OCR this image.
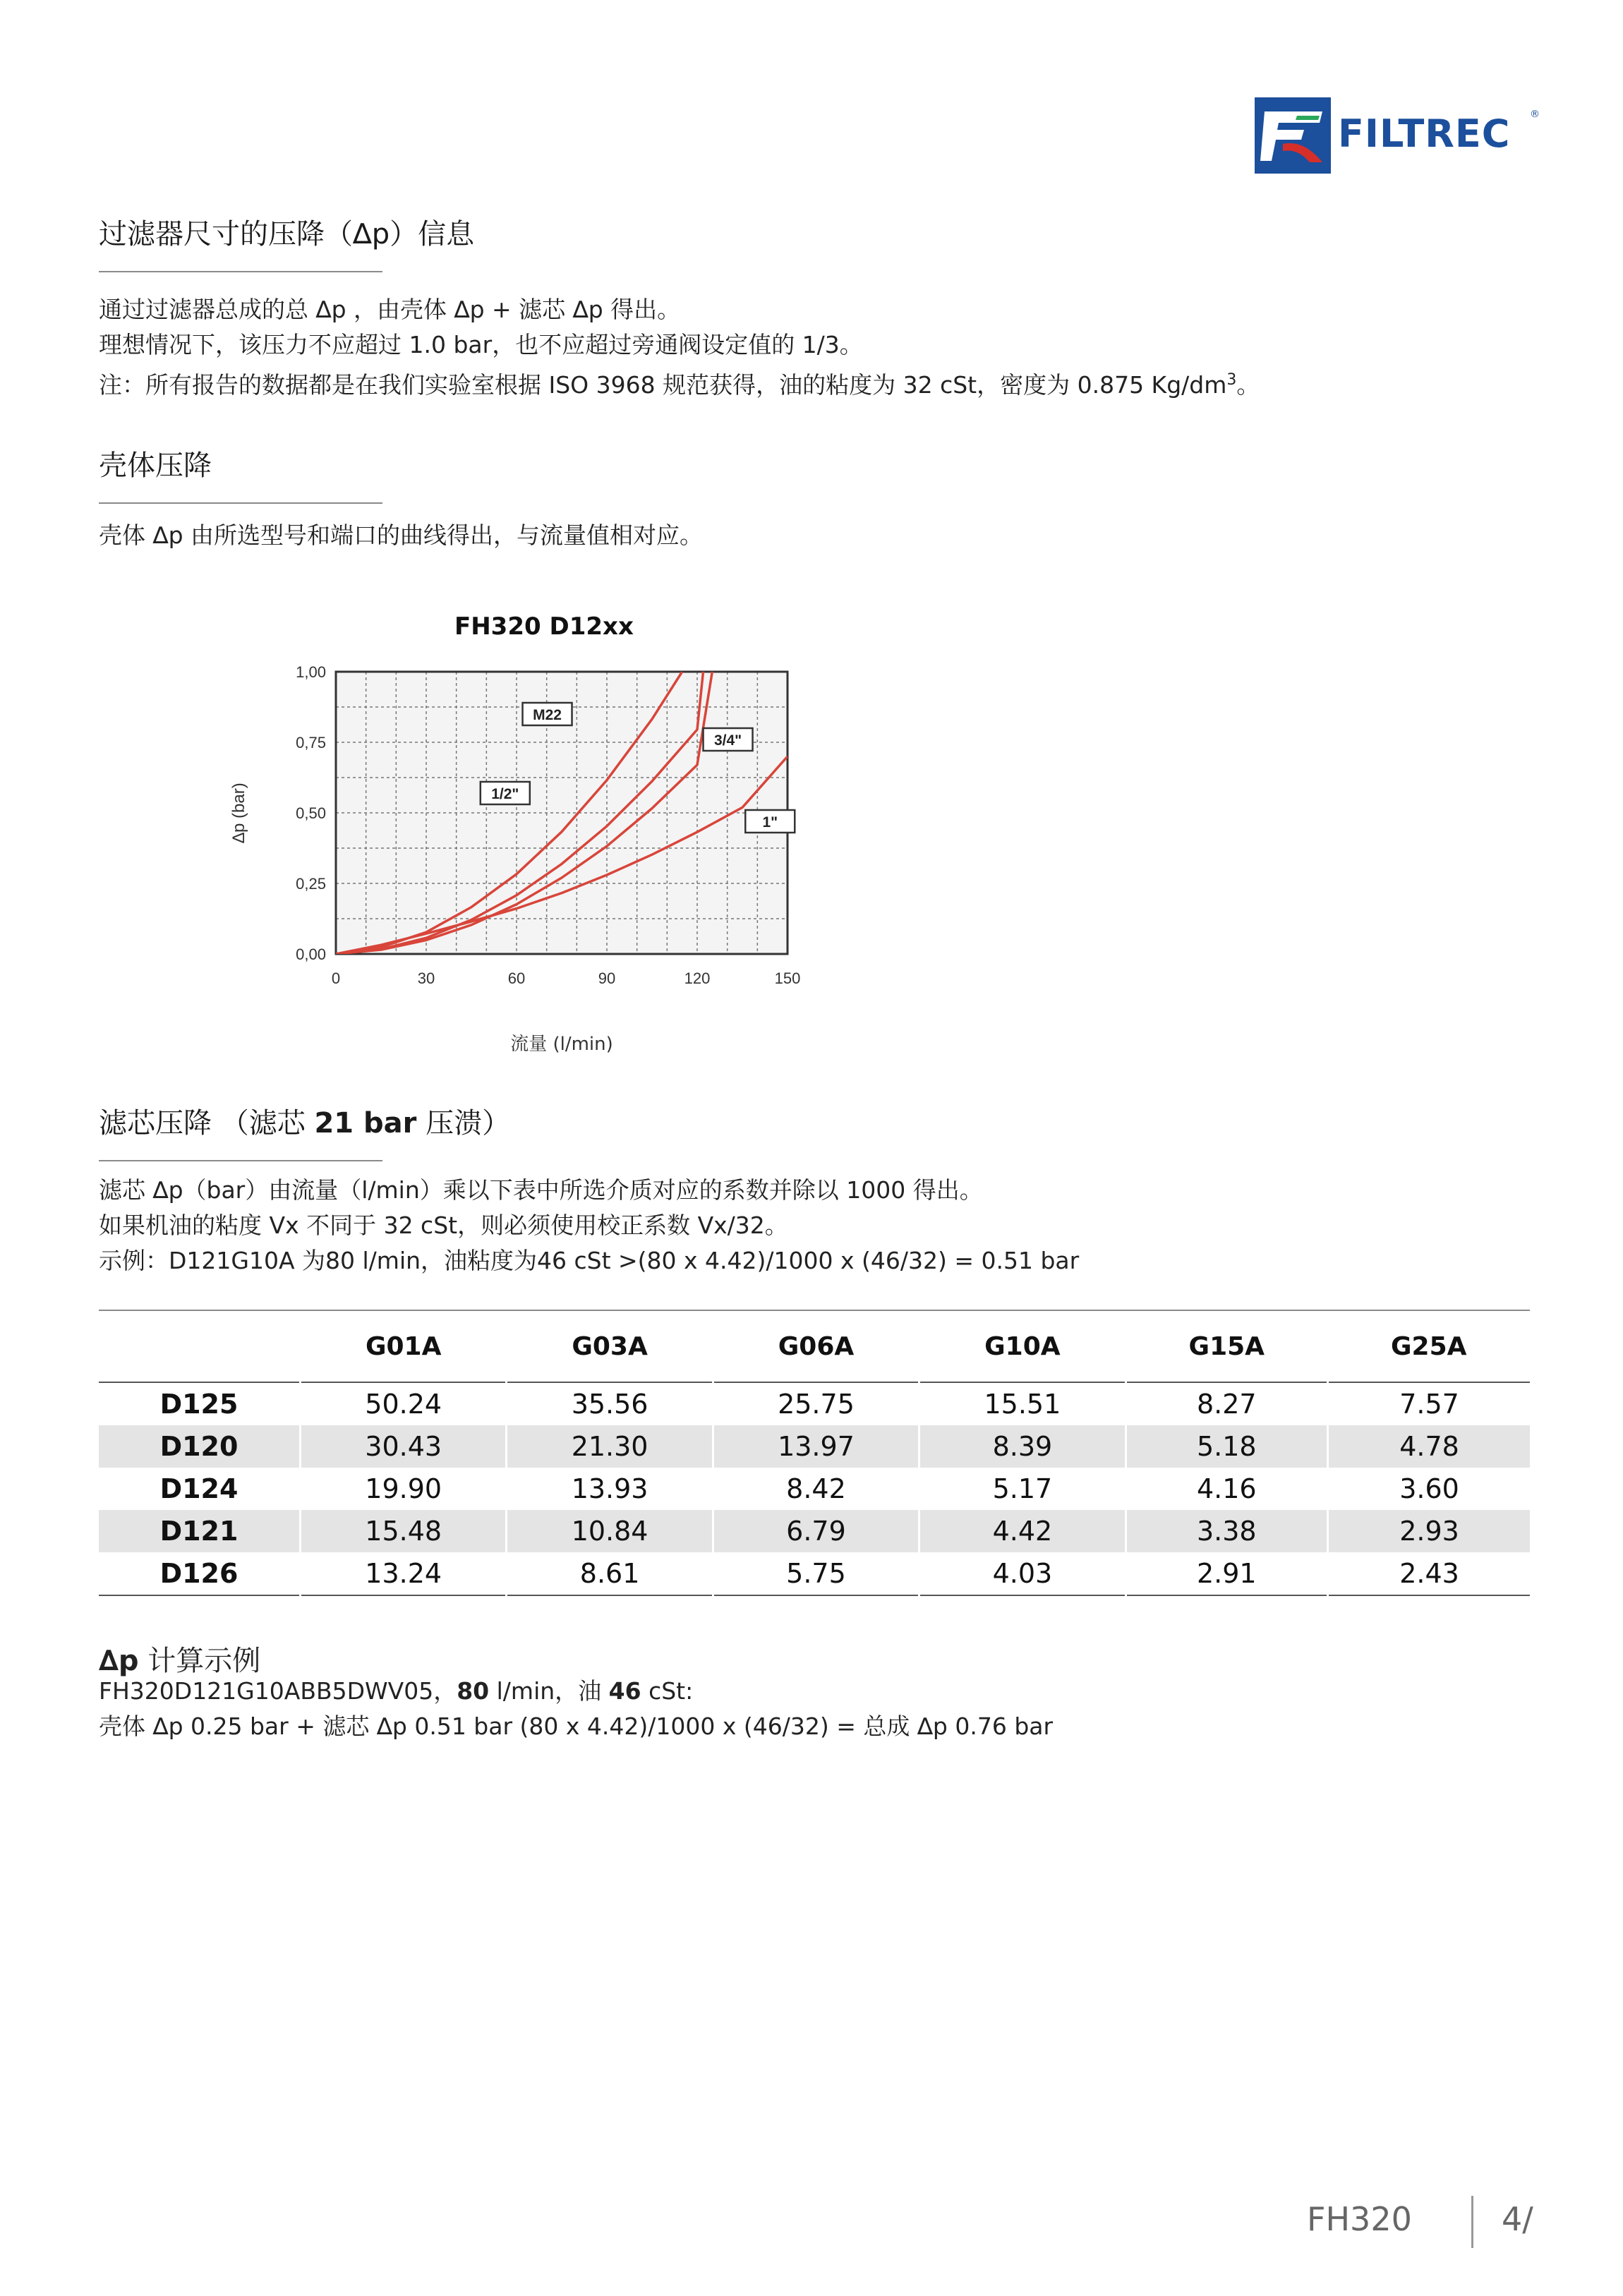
FILTREC ®
过滤器尺寸的压降（∆p）信息
通过过滤器总成的总 ∆p ，由壳体 ∆p + 滤芯 ∆p 得出。
理想情况下，该压力不应超过 1.0 bar，也不应超过旁通阀设定值的 1/3。
注：所有报告的数据都是在我们实验室根据 ISO 3968 规范获得，油的粘度为 32 cSt，密度为 0.875 $Kg/dm^3$。
壳体压降
壳体 ∆p 由所选型号和端口的曲线得出，与流量值相对应。
FH320 D12xx
0	30	60	90	120	150
0,00
0,25
0,50
0,75
1,00
∆p (bar)
流量 (l/min)
1/2"
M22
3/4"
1"
滤芯压降 （滤芯 21 bar 压溃）
滤芯 ∆p（bar）由流量（l/min）乘以下表中所选介质对应的系数并除以 1000 得出。
如果机油的粘度 Vx 不同于 32 cSt，则必须使用校正系数 Vx/32。
示例：D121G10A 为80 l/min，油粘度为46 cSt >(80 x 4.42)/1000 x (46/32) = 0.51 bar
	G01A	G03A	G06A	G10A	G15A	G25A
D125	50.24	35.56	25.75	15.51	8.27	7.57
D120	30.43	21.30	13.97	8.39	5.18	4.78
D124	19.90	13.93	8.42	5.17	4.16	3.60
D121	15.48	10.84	6.79	4.42	3.38	2.93
D126	13.24	8.61	5.75	4.03	2.91	2.43
∆p 计算示例
FH320D121G10ABB5DWV05，80 l/min，油 46 cSt:
壳体 ∆p 0.25 bar + 滤芯 ∆p 0.51 bar (80 x 4.42)/1000 x (46/32) = 总成 ∆p 0.76 bar
FH320	4/
